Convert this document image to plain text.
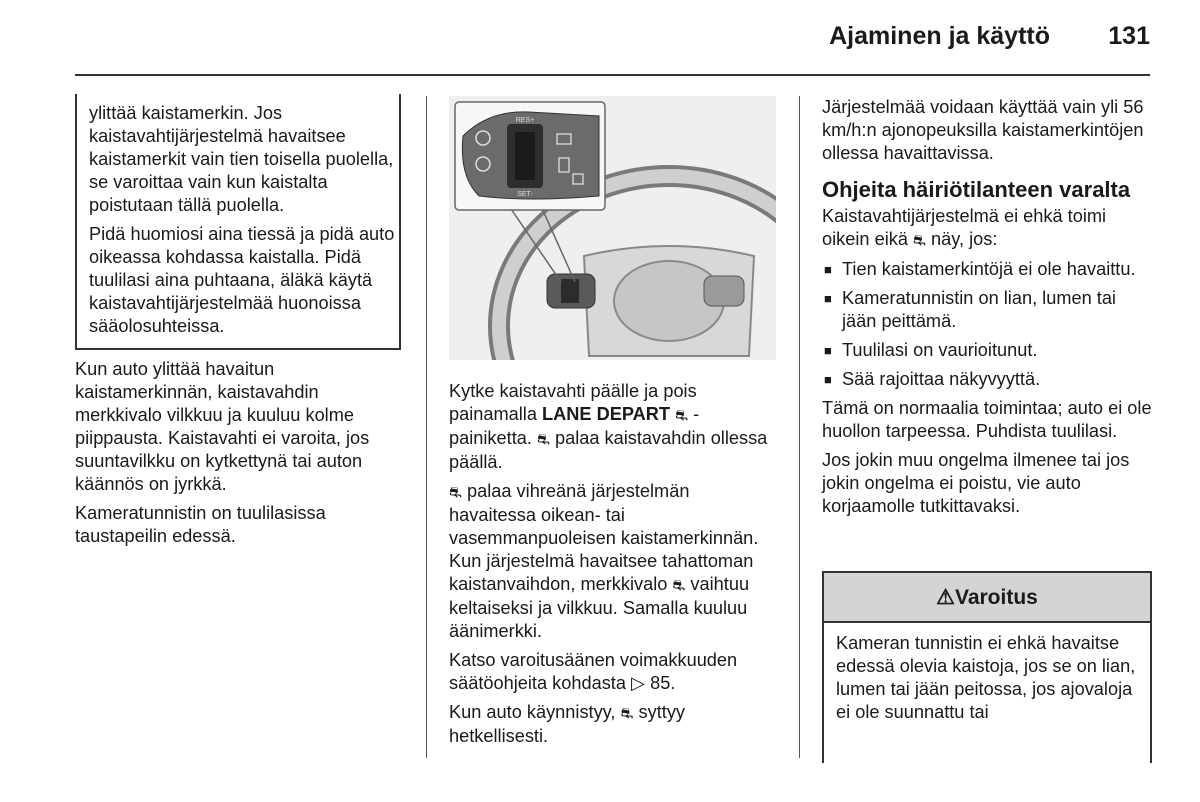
Ajaminen ja käyttö 131

ylittää kaistamerkin. Jos kaistavahtijärjestelmä havaitsee kaistamerkit vain tien toisella puolella, se varoittaa vain kun kaistalta poistutaan tällä puolella.

Pidä huomiosi aina tiessä ja pidä auto oikeassa kohdassa kaistalla. Pidä tuulilasi aina puhtaana, äläkä käytä kaistavahtijärjestelmää huonoissa sääolosuhteissa.

Kun auto ylittää havaitun kaistamerkinnän, kaistavahdin merkkivalo vilkkuu ja kuuluu kolme piippausta. Kaistavahti ei varoita, jos suuntavilkku on kytkettynä tai auton käännös on jyrkkä.

Kameratunnistin on tuulilasissa taustapeilin edessä.

RES+
SET-

Kytke kaistavahti päälle ja pois painamalla LANE DEPART ⛐ -painiketta. ⛐ palaa kaistavahdin ollessa päällä.

⛐ palaa vihreänä järjestelmän havaitessa oikean- tai vasemmanpuoleisen kaistamerkinnän. Kun järjestelmä havaitsee tahattoman kaistanvaihdon, merkkivalo ⛐ vaihtuu keltaiseksi ja vilkkuu. Samalla kuuluu äänimerkki.

Katso varoitusäänen voimakkuuden säätöohjeita kohdasta ▷ 85.

Kun auto käynnistyy, ⛐ syttyy hetkellisesti.

Järjestelmää voidaan käyttää vain yli 56 km/h:n ajonopeuksilla kaistamerkintöjen ollessa havaittavissa.

Ohjeita häiriötilanteen varalta

Kaistavahtijärjestelmä ei ehkä toimi oikein eikä ⛐ näy, jos:

■ Tien kaistamerkintöjä ei ole havaittu.
■ Kameratunnistin on lian, lumen tai jään peittämä.
■ Tuulilasi on vaurioitunut.
■ Sää rajoittaa näkyvyyttä.

Tämä on normaalia toimintaa; auto ei ole huollon tarpeessa. Puhdista tuulilasi.

Jos jokin muu ongelma ilmenee tai jos jokin ongelma ei poistu, vie auto korjaamolle tutkittavaksi.

⚠Varoitus
Kameran tunnistin ei ehkä havaitse edessä olevia kaistoja, jos se on lian, lumen tai jään peitossa, jos ajovaloja ei ole suunnattu tai
